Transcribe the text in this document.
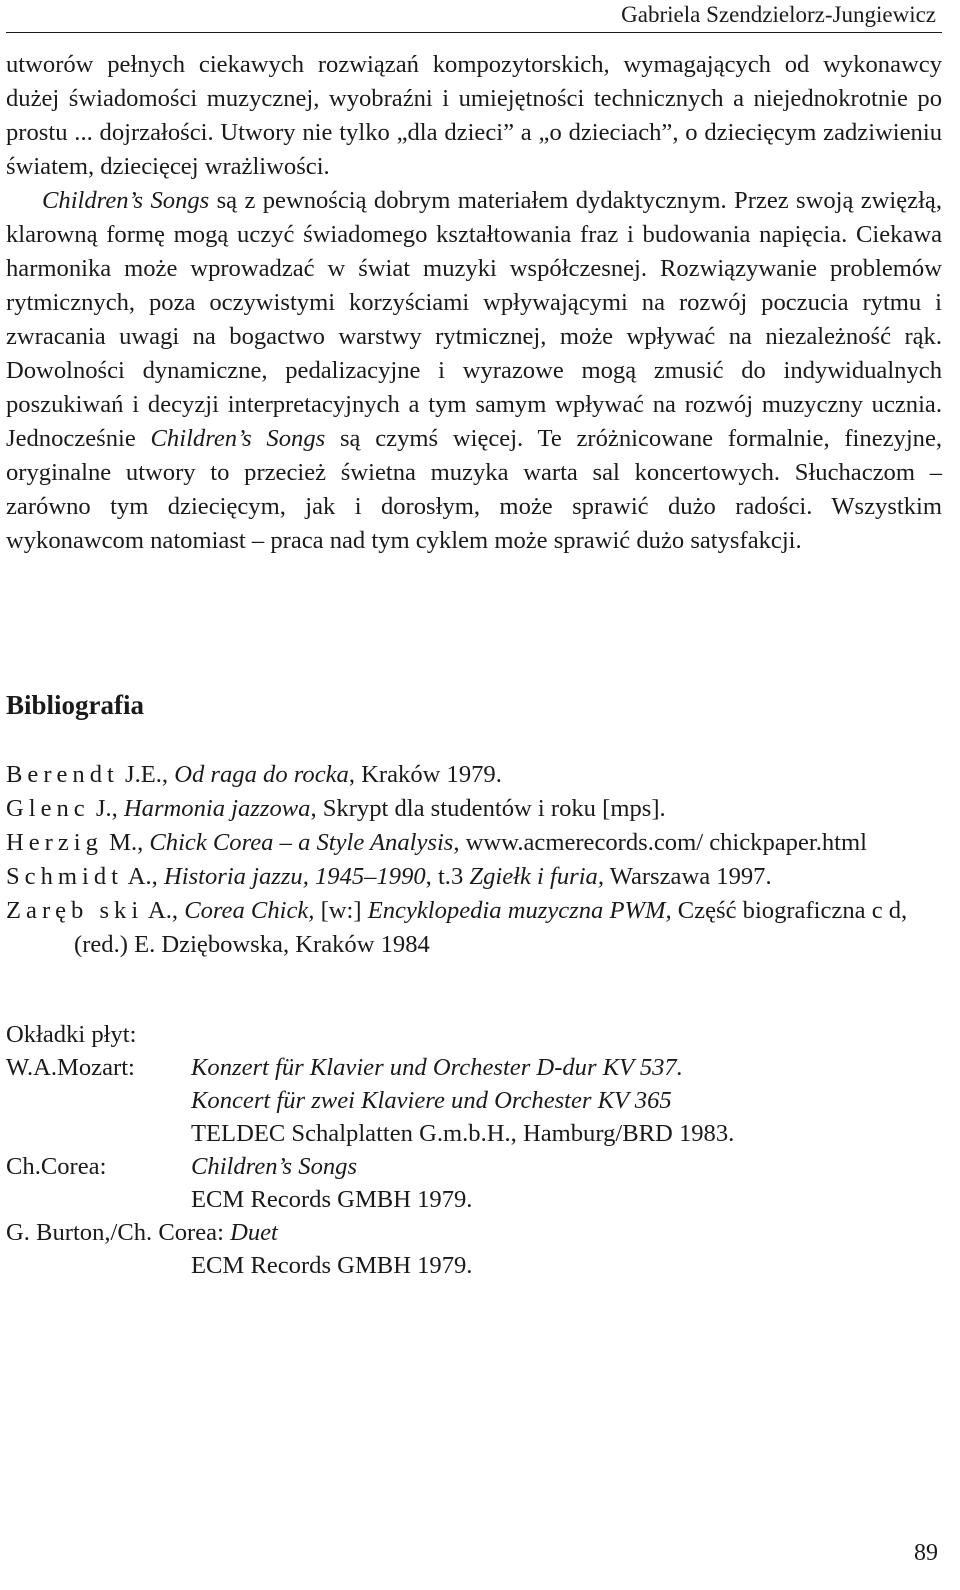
Gabriela Szendzielorz-Jungiewicz

utworów pełnych ciekawych rozwiązań kompozytorskich, wymagających od wykonawcy dużej świadomości muzycznej, wyobraźni i umiejętności technicznych a niejednokrotnie po prostu ... dojrzałości. Utwory nie tylko „dla dzieci” a „o dzieciach”, o dziecięcym zadziwieniu światem, dziecięcej wrażliwości.

Children’s Songs są z pewnością dobrym materiałem dydaktycznym. Przez swoją zwięzłą, klarowną formę mogą uczyć świadomego kształtowania fraz i budowania napięcia. Ciekawa harmonika może wprowadzać w świat muzyki współczesnej. Rozwiązywanie problemów rytmicznych, poza oczywistymi korzyściami wpływającymi na rozwój poczucia rytmu i zwracania uwagi na bogactwo warstwy rytmicznej, może wpływać na niezależność rąk. Dowolności dynamiczne, pedalizacyjne i wyrazowe mogą zmusić do indywidualnych poszukiwań i decyzji interpretacyjnych a tym samym wpływać na rozwój muzyczny ucznia. Jednocześnie Children’s Songs są czymś więcej. Te zróżnicowane formalnie, finezyjne, oryginalne utwory to przecież świetna muzyka warta sal koncertowych. Słuchaczom – zarówno tym dziecięcym, jak i dorosłym, może sprawić dużo radości. Wszystkim wykonawcom natomiast – praca nad tym cyklem może sprawić dużo satysfakcji.

Bibliografia
Berendt J.E., Od raga do rocka, Kraków 1979.
Glenc J., Harmonia jazzowa, Skrypt dla studentów i roku [mps].
Herzig M., Chick Corea – a Style Analysis, www.acmerecords.com/ chickpaper.html
Schmidt A., Historia jazzu, 1945–1990, t.3 Zgiełk i furia, Warszawa 1997.
Zaręb ski A., Corea Chick, [w:] Encyklopedia muzyczna PWM, Część biograficzna c d, (red.) E. Dziębowska, Kraków 1984
Okładki płyt:
W.A.Mozart:	Konzert für Klavier und Orchester D-dur KV 537.
Koncert für zwei Klaviere und Orchester KV 365
TELDEC Schalplatten G.m.b.H., Hamburg/BRD 1983.
Ch.Corea:	Children’s Songs
ECM Records GMBH 1979.
G. Burton,/Ch. Corea: Duet
ECM Records GMBH 1979.
89
